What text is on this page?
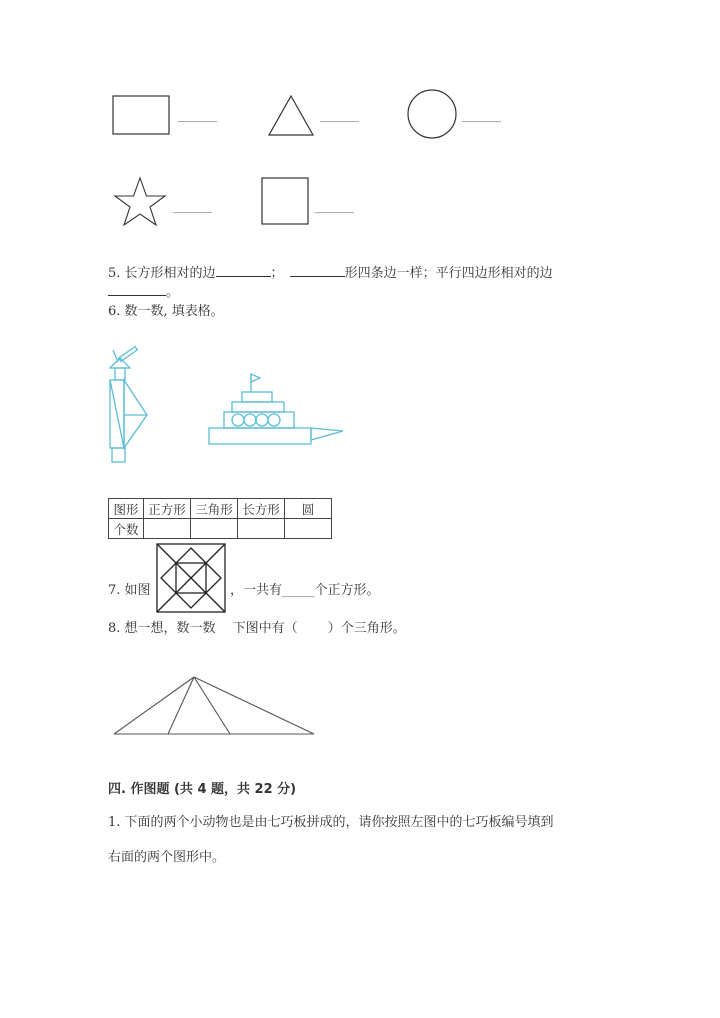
______	______	______
______	______
5. 长方形相对的边	；	形四条边一样；平行四边形相对的边
。
6. 数一数, 填表格。
图形	正方形	三角形	长方形	圆
个数				
7. 如图	，一共有_____个正方形。
8. 想一想，数一数　 下图中有（　　 ）个三角形。
四. 作图题 (共 4 题，共 22 分)
1. 下面的两个小动物也是由七巧板拼成的，请你按照左图中的七巧板编号填到
右面的两个图形中。
